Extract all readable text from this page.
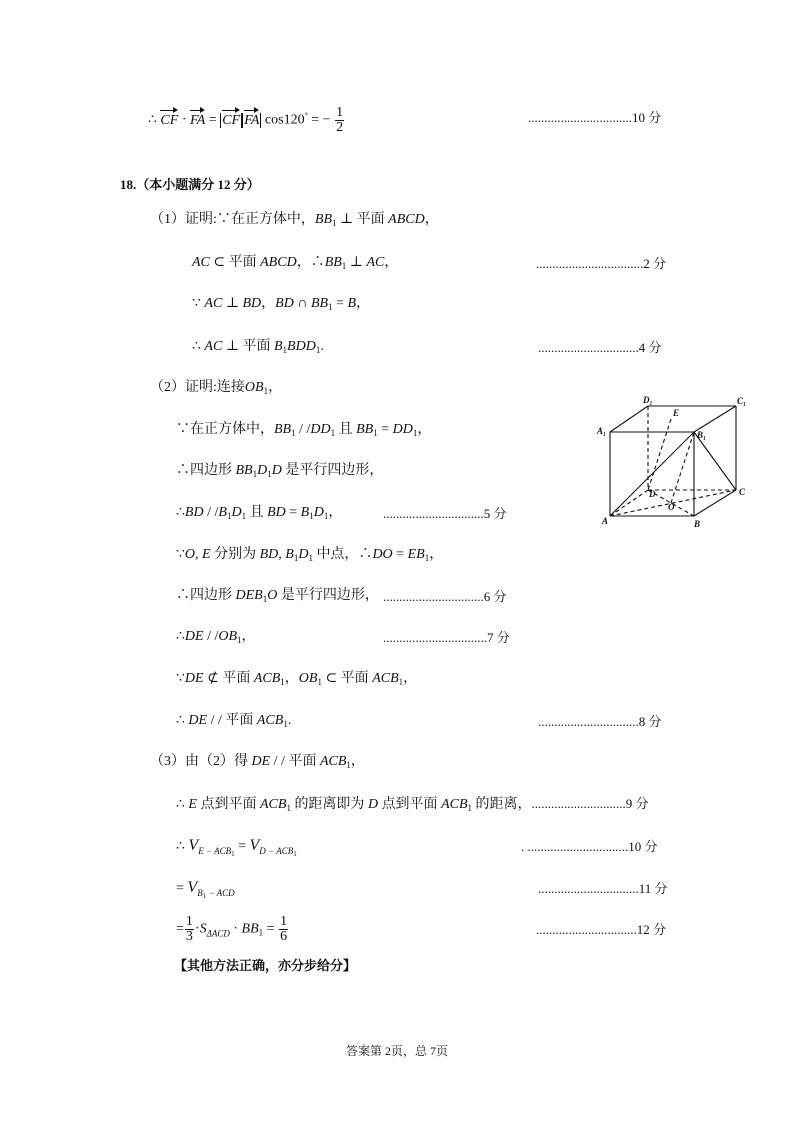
∴ CF · FA = CF FA cos120° = − $\frac{1}{2}$	................................10 分
18.（本小题满分 12 分）
（1）证明:∵在正方体中，$BB_1$ ⊥ 平面 ABCD，
AC ⊂ 平面 ABCD，$\therefore BB_1$ ⊥ AC，	.................................2 分
∵ AC ⊥ BD，BD ∩ $BB_1 = B$，
∴ AC ⊥ 平面 $B_1BDD_1$.	...............................4 分
（2）证明:连接$OB_1$，
∵在正方体中，$BB_1 / /DD_1$ 且 $BB_1 = DD_1$，
∴四边形 $BB_1D_1D$ 是平行四边形，
∴BD / $/B_1D_1$ 且 BD = $B_1D_1$，	...............................5 分
∵O, E 分别为 BD, $B_1D_1$ 中点，∴DO = $EB_1$，
∴四边形 $DEB_1O$ 是平行四边形， ...............................6 分
∴DE / $/OB_1$，	................................7 分
∵DE ⊄ 平面 $ACB_1$，$OB_1$ ⊂ 平面 $ACB_1$，
∴ DE / / 平面 $ACB_1$.	...............................8 分
（3）由（2）得 DE / / 平面 $ACB_1$，
∴ E 点到平面 $ACB_1$ 的距离即为 D 点到平面 $ACB_1$ 的距离，.............................9 分
∴ $V_{E - ACB1} = V_{D - ACB1}$	. ...............................10 分
= $V_{B1}$ $_{- ACD}$	...............................11 分
= $\frac{1}{3} \cdot S_{\Delta ACD} \cdot BB_1 = \frac{1}{6}$	...............................12 分
【其他方法正确，亦分步给分】
D₁	C₁
A₁	B₁
E
D	C
A	B
O
答案第 2页，总 7页
